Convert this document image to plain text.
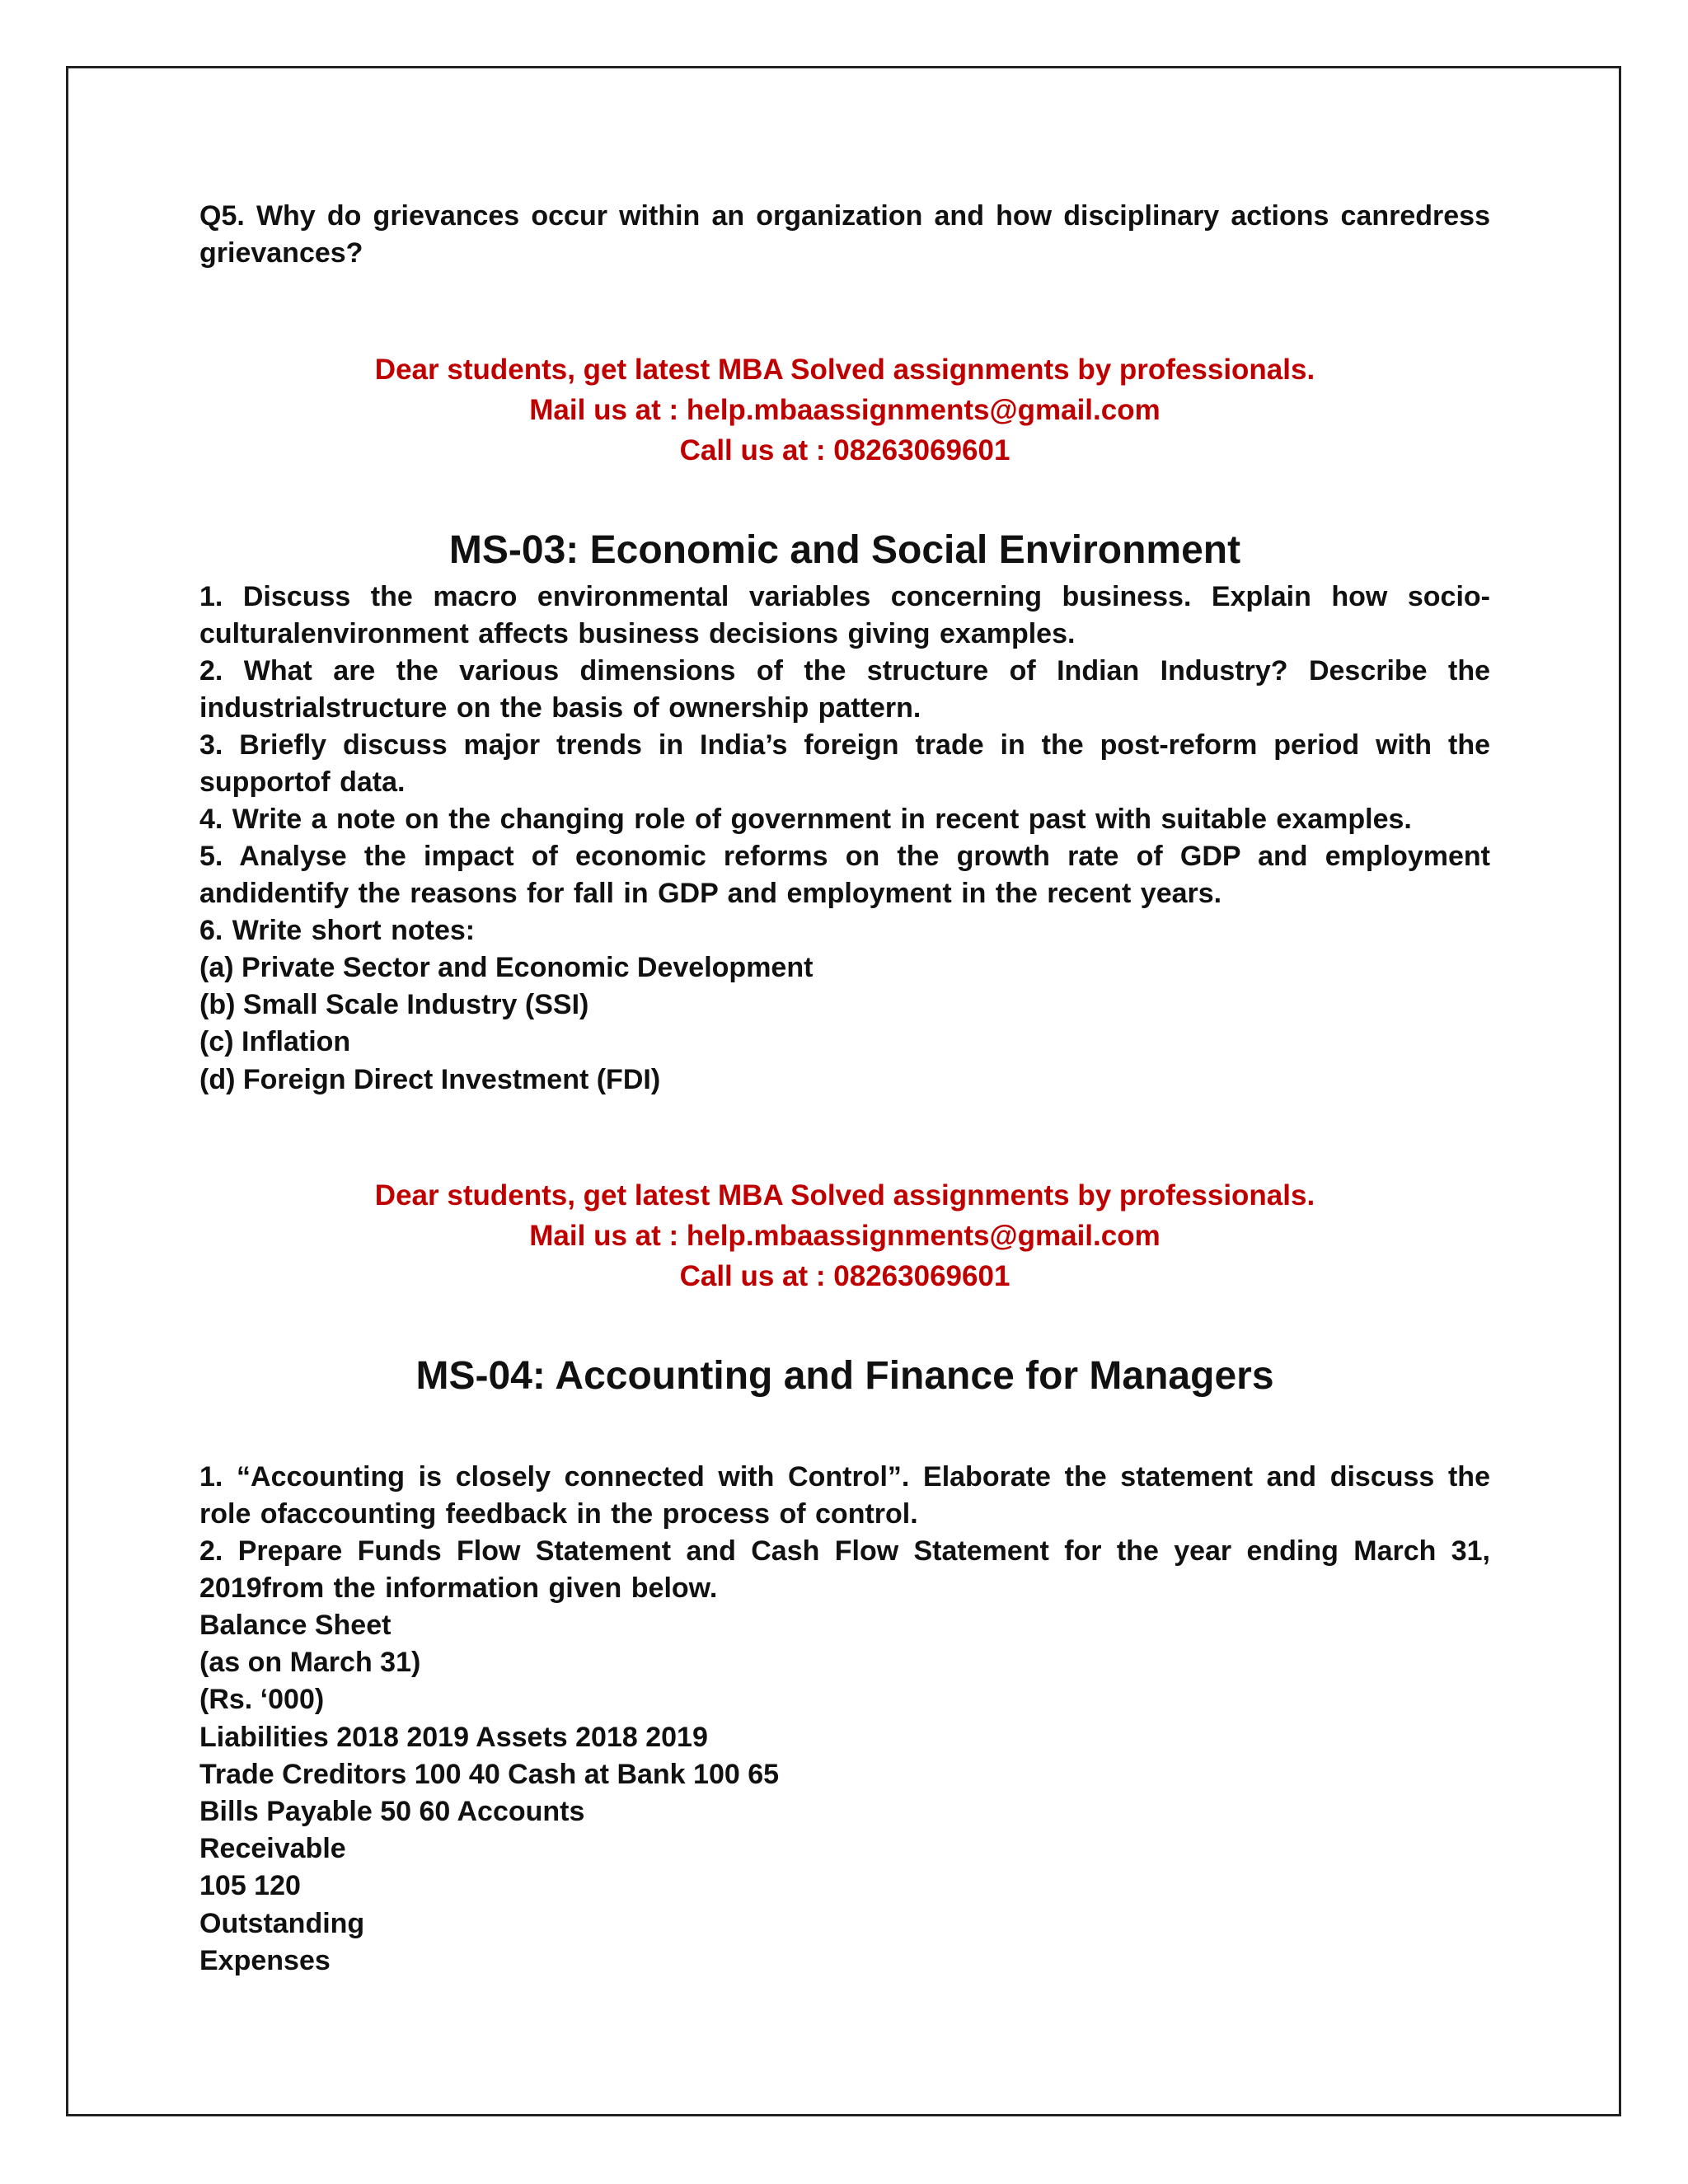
Q5. Why do grievances occur within an organization and how disciplinary actions canredress grievances?

Dear students, get latest MBA Solved assignments by professionals.
Mail us at : help.mbaassignments@gmail.com
Call us at : 08263069601
MS-03: Economic and Social Environment

1. Discuss the macro environmental variables concerning business. Explain how socio-culturalenvironment affects business decisions giving examples.

2. What are the various dimensions of the structure of Indian Industry? Describe the industrialstructure on the basis of ownership pattern.

3. Briefly discuss major trends in India’s foreign trade in the post-reform period with the supportof data.

4. Write a note on the changing role of government in recent past with suitable examples.

5. Analyse the impact of economic reforms on the growth rate of GDP and employment andidentify the reasons for fall in GDP and employment in the recent years.

6. Write short notes:

(a) Private Sector and Economic Development

(b) Small Scale Industry (SSI)

(c) Inflation

(d) Foreign Direct Investment (FDI)

Dear students, get latest MBA Solved assignments by professionals.
Mail us at : help.mbaassignments@gmail.com
Call us at : 08263069601
MS-04: Accounting and Finance for Managers

1. “Accounting is closely connected with Control”. Elaborate the statement and discuss the role ofaccounting feedback in the process of control.

2. Prepare Funds Flow Statement and Cash Flow Statement for the year ending March 31, 2019from the information given below.

Balance Sheet

(as on March 31)

(Rs. ‘000)

Liabilities 2018 2019 Assets 2018 2019

Trade Creditors 100 40 Cash at Bank 100 65

Bills Payable 50 60 Accounts

Receivable

105 120

Outstanding

Expenses
